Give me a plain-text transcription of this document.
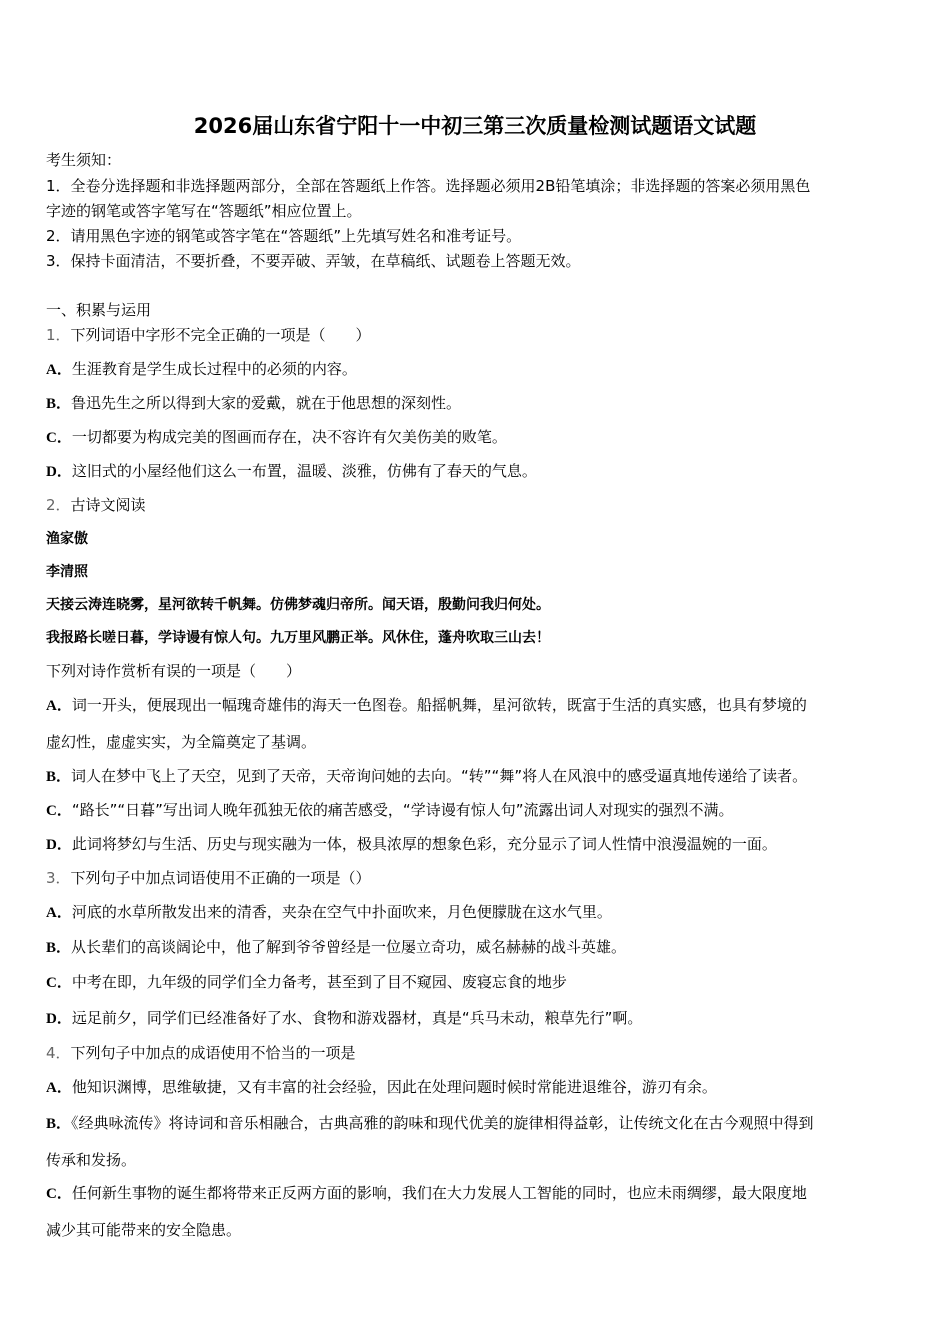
2026届山东省宁阳十一中初三第三次质量检测试题语文试题
考生须知：
1．全卷分选择题和非选择题两部分，全部在答题纸上作答。选择题必须用2B铅笔填涂；非选择题的答案必须用黑色
字迹的钢笔或答字笔写在“答题纸”相应位置上。
2．请用黑色字迹的钢笔或答字笔在“答题纸”上先填写姓名和准考证号。
3．保持卡面清洁，不要折叠，不要弄破、弄皱，在草稿纸、试题卷上答题无效。
一、积累与运用
1．下列词语中字形不完全正确的一项是（　　）
A．生涯教育是学生成长过程中的必须的内容。
B．鲁迅先生之所以得到大家的爱戴，就在于他思想的深刻性。
C．一切都要为构成完美的图画而存在，决不容许有欠美伤美的败笔。
D．这旧式的小屋经他们这么一布置，温暖、淡雅，仿佛有了春天的气息。
2．古诗文阅读
渔家傲
李清照
天接云涛连晓雾，星河欲转千帆舞。仿佛梦魂归帝所。闻天语，殷勤问我归何处。
我报路长嗟日暮，学诗谩有惊人句。九万里风鹏正举。风休住，蓬舟吹取三山去！
下列对诗作赏析有误的一项是（　　）
A．词一开头，便展现出一幅瑰奇雄伟的海天一色图卷。船摇帆舞，星河欲转，既富于生活的真实感，也具有梦境的
虚幻性，虚虚实实，为全篇奠定了基调。
B．词人在梦中飞上了天空，见到了天帝，天帝询问她的去向。“转”“舞”将人在风浪中的感受逼真地传递给了读者。
C．“路长”“日暮”写出词人晚年孤独无依的痛苦感受，“学诗谩有惊人句”流露出词人对现实的强烈不满。
D．此词将梦幻与生活、历史与现实融为一体，极具浓厚的想象色彩，充分显示了词人性情中浪漫温婉的一面。
3．下列句子中加点词语使用不正确的一项是（）
A．河底的水草所散发出来的清香，夹杂在空气中扑面吹来，月色便朦胧在这水气里。
B．从长辈们的高谈阔论中，他了解到爷爷曾经是一位屡立奇功，威名赫赫的战斗英雄。
C．中考在即，九年级的同学们全力备考，甚至到了目不窥园、废寝忘食的地步
D．远足前夕，同学们已经准备好了水、食物和游戏器材，真是“兵马未动，粮草先行”啊。
4．下列句子中加点的成语使用不恰当的一项是
A．他知识渊博，思维敏捷，又有丰富的社会经验，因此在处理问题时候时常能进退维谷，游刃有余。
B．《经典咏流传》将诗词和音乐相融合，古典高雅的韵味和现代优美的旋律相得益彰，让传统文化在古今观照中得到
传承和发扬。
C．任何新生事物的诞生都将带来正反两方面的影响，我们在大力发展人工智能的同时，也应未雨绸缪，最大限度地
减少其可能带来的安全隐患。
